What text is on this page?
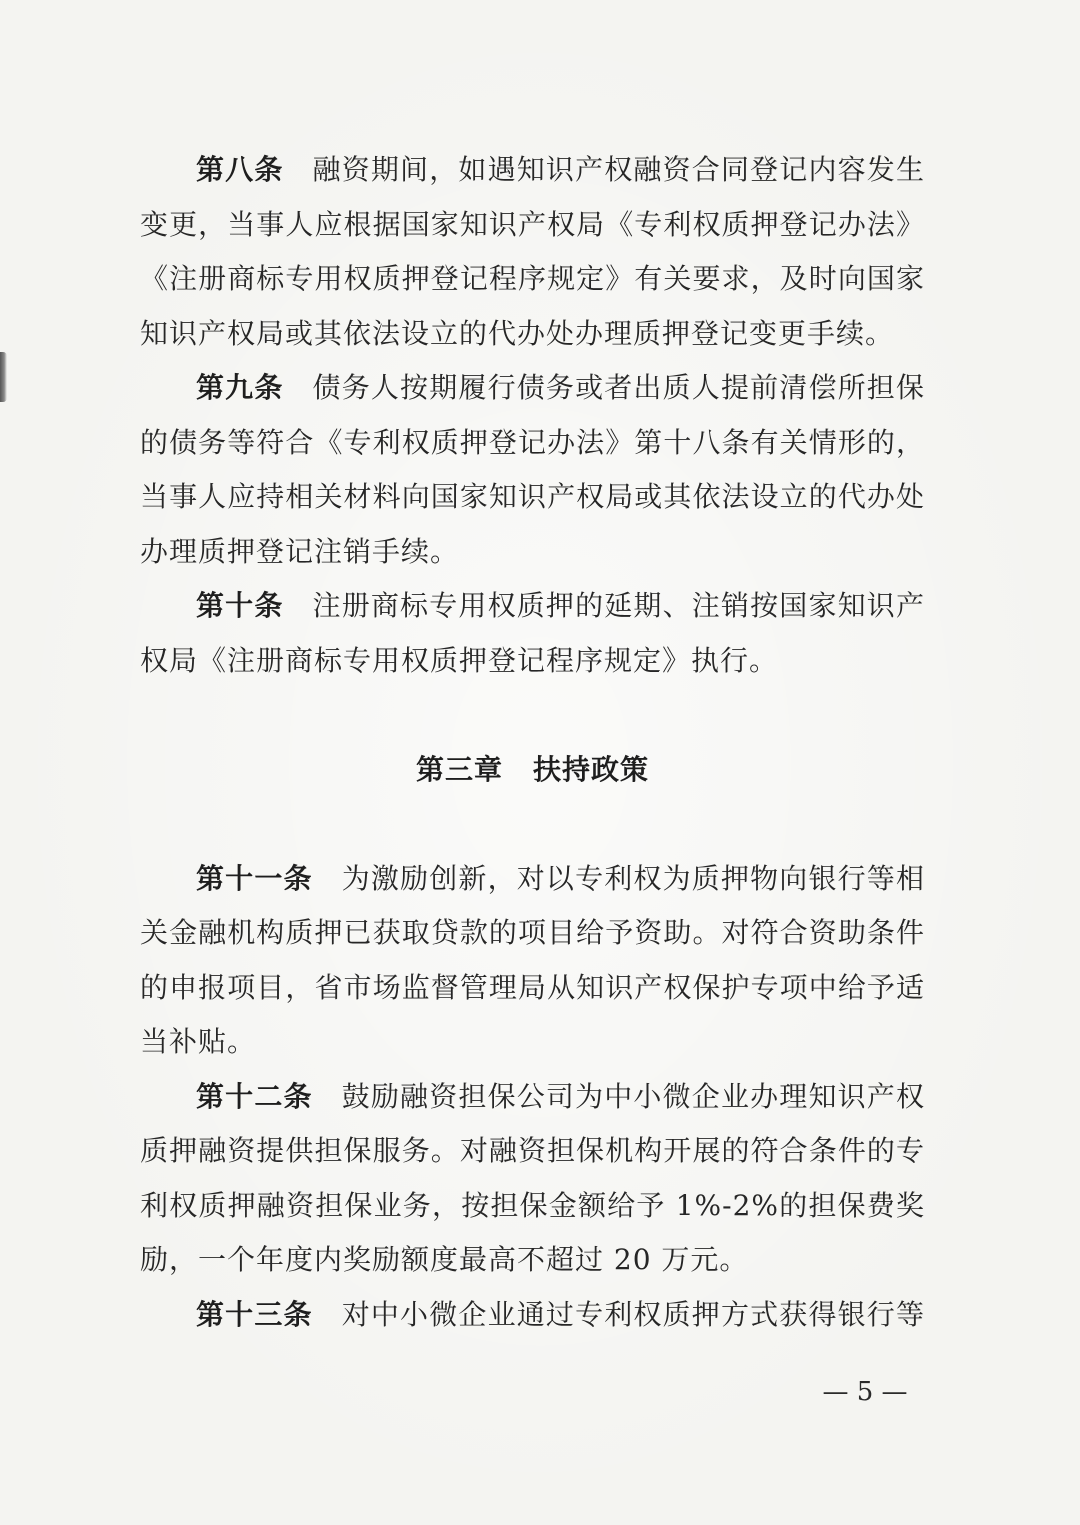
第八条 融资期间，如遇知识产权融资合同登记内容发生
变更，当事人应根据国家知识产权局《专利权质押登记办法》
《注册商标专用权质押登记程序规定》有关要求，及时向国家
知识产权局或其依法设立的代办处办理质押登记变更手续。
第九条 债务人按期履行债务或者出质人提前清偿所担保
的债务等符合《专利权质押登记办法》第十八条有关情形的，
当事人应持相关材料向国家知识产权局或其依法设立的代办处
办理质押登记注销手续。
第十条 注册商标专用权质押的延期、注销按国家知识产
权局《注册商标专用权质押登记程序规定》执行。
第三章 扶持政策
第十一条 为激励创新，对以专利权为质押物向银行等相
关金融机构质押已获取贷款的项目给予资助。对符合资助条件
的申报项目，省市场监督管理局从知识产权保护专项中给予适
当补贴。
第十二条 鼓励融资担保公司为中小微企业办理知识产权
质押融资提供担保服务。对融资担保机构开展的符合条件的专
利权质押融资担保业务，按担保金额给予 1%-2%的担保费奖
励，一个年度内奖励额度最高不超过 20 万元。
第十三条 对中小微企业通过专利权质押方式获得银行等
— 5 —
